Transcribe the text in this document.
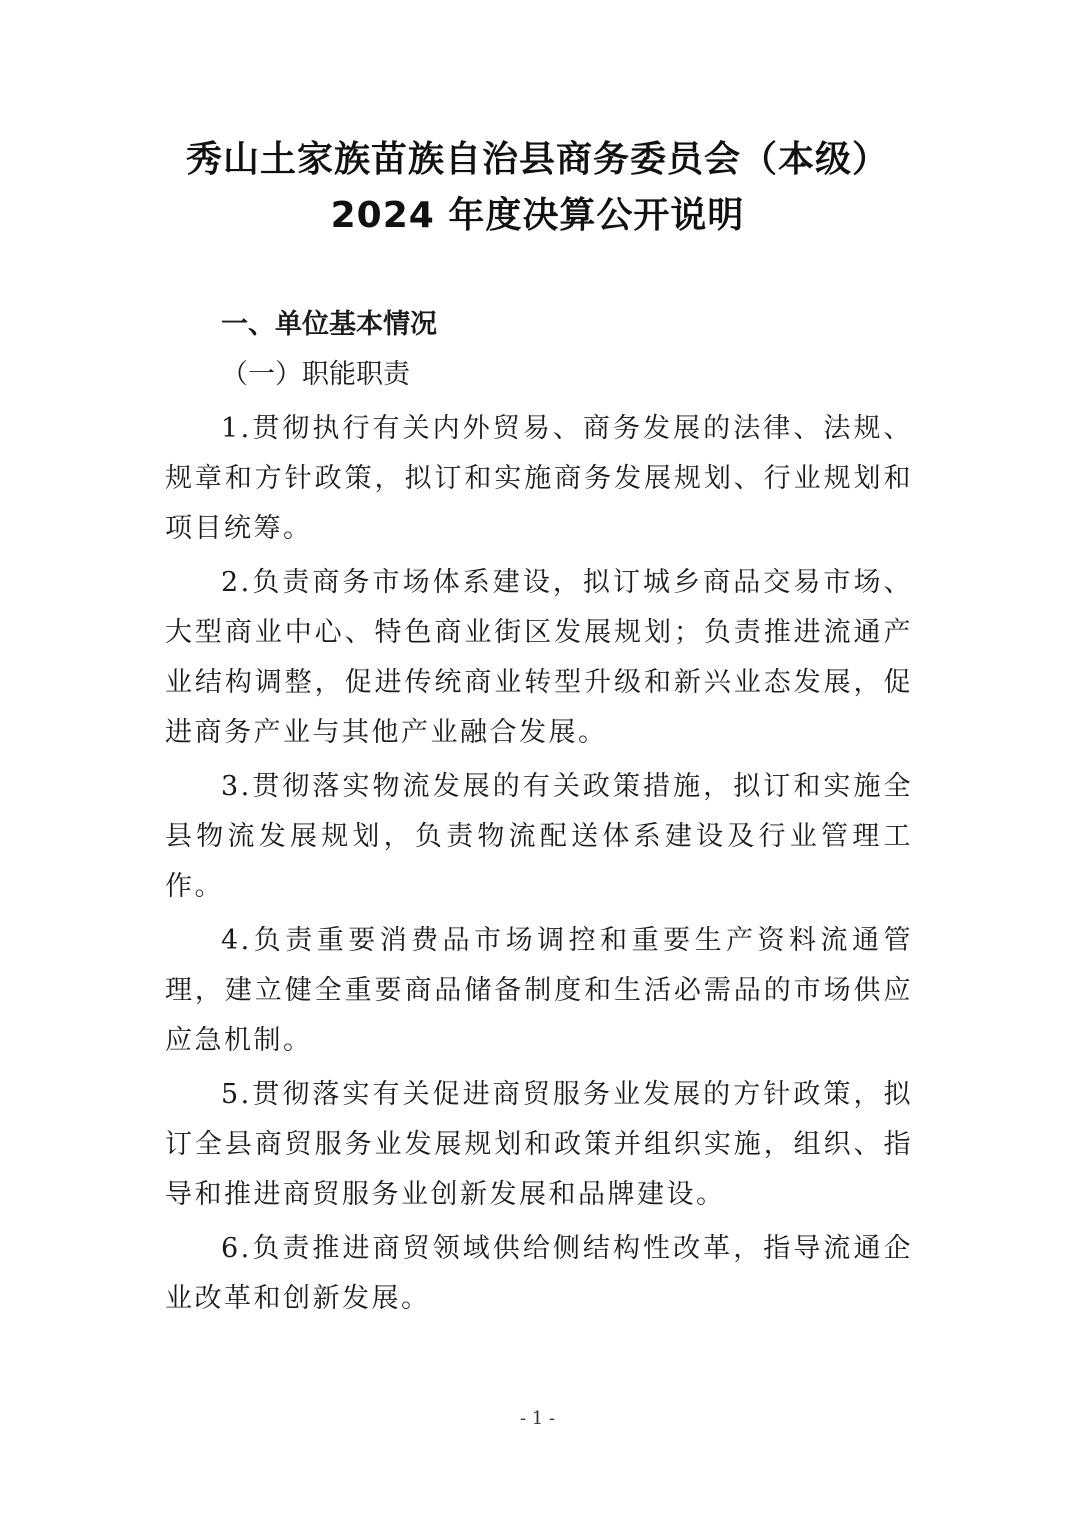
秀山土家族苗族自治县商务委员会（本级）
2024 年度决算公开说明

一、单位基本情况

（一）职能职责

1.贯彻执行有关内外贸易、商务发展的法律、法规、规章和方针政策，拟订和实施商务发展规划、行业规划和项目统筹。

2.负责商务市场体系建设，拟订城乡商品交易市场、大型商业中心、特色商业街区发展规划；负责推进流通产业结构调整，促进传统商业转型升级和新兴业态发展，促进商务产业与其他产业融合发展。

3.贯彻落实物流发展的有关政策措施，拟订和实施全县物流发展规划，负责物流配送体系建设及行业管理工作。

4.负责重要消费品市场调控和重要生产资料流通管理，建立健全重要商品储备制度和生活必需品的市场供应应急机制。

5.贯彻落实有关促进商贸服务业发展的方针政策，拟订全县商贸服务业发展规划和政策并组织实施，组织、指导和推进商贸服务业创新发展和品牌建设。

6.负责推进商贸领域供给侧结构性改革，指导流通企业改革和创新发展。

- 1 -
